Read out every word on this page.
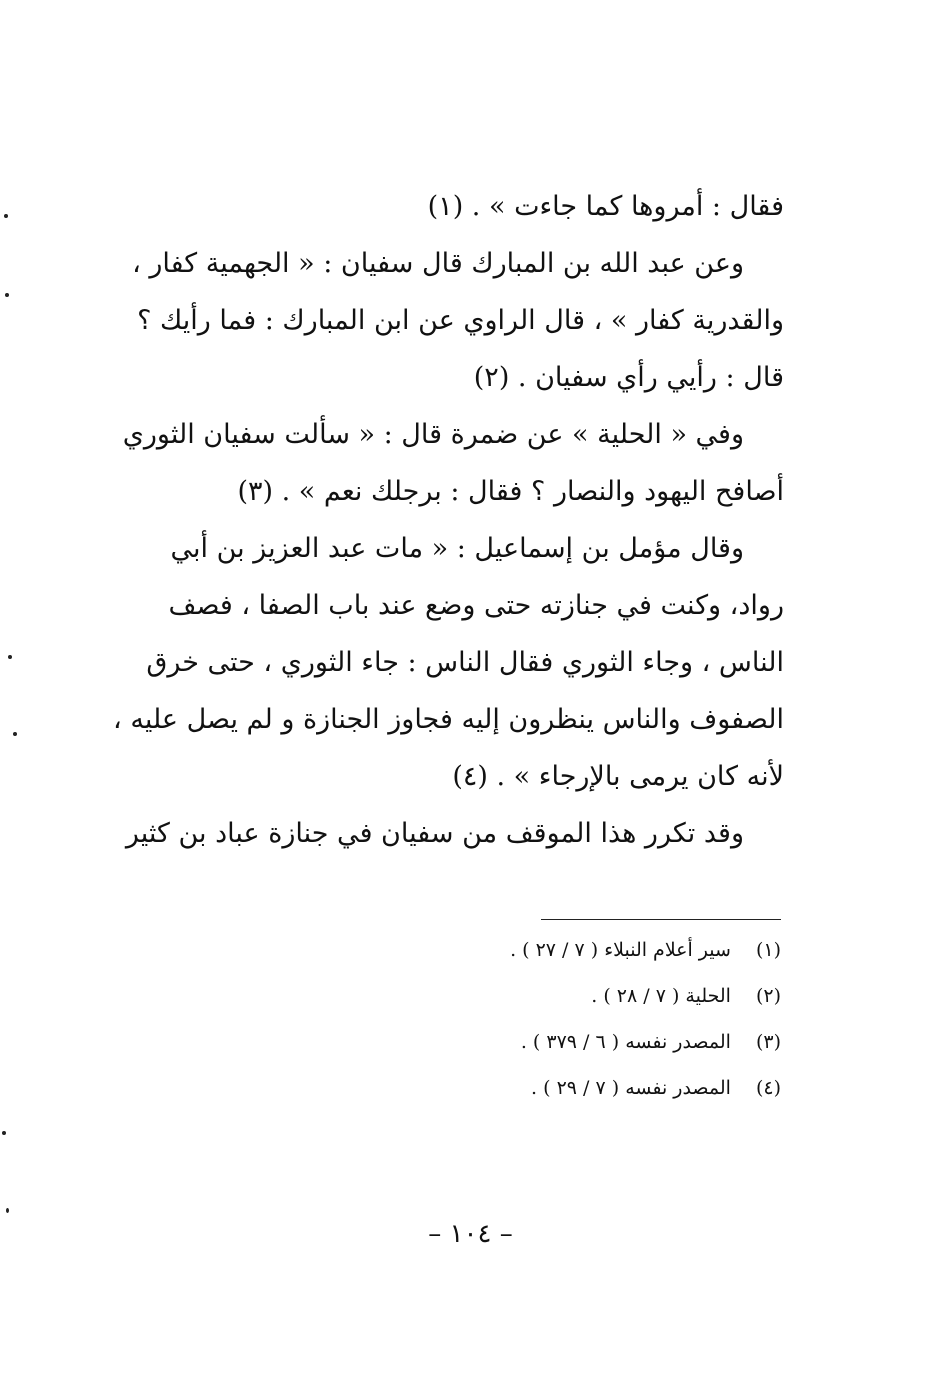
فقال : أمروها كما جاءت » . (١)
وعن عبد الله بن المبارك قال سفيان : « الجهمية كفار ،
والقدرية كفار » ، قال الراوي عن ابن المبارك : فما رأيك ؟
قال : رأيي رأي سفيان . (٢)
وفي « الحلية » عن ضمرة قال : « سألت سفيان الثوري
أصافح اليهود والنصار ؟ فقال : برجلك نعم » . (٣)
وقال مؤمل بن إسماعيل : « مات عبد العزيز بن أبي
رواد، وكنت في جنازته حتى وضع عند باب الصفا ، فصف
الناس ، وجاء الثوري فقال الناس : جاء الثوري ، حتى خرق
الصفوف والناس ينظرون إليه فجاوز الجنازة و لم يصل عليه ،
لأنه كان يرمى بالإرجاء » . (٤)
وقد تكرر هذا الموقف من سفيان في جنازة عباد بن كثير
(١) سير أعلام النبلاء ( ٧ / ٢٧ ) .
(٢) الحلية ( ٧ / ٢٨ ) .
(٣) المصدر نفسه ( ٦ / ٣٧٩ ) .
(٤) المصدر نفسه ( ٧ / ٢٩ ) .
– ١٠٤ –
